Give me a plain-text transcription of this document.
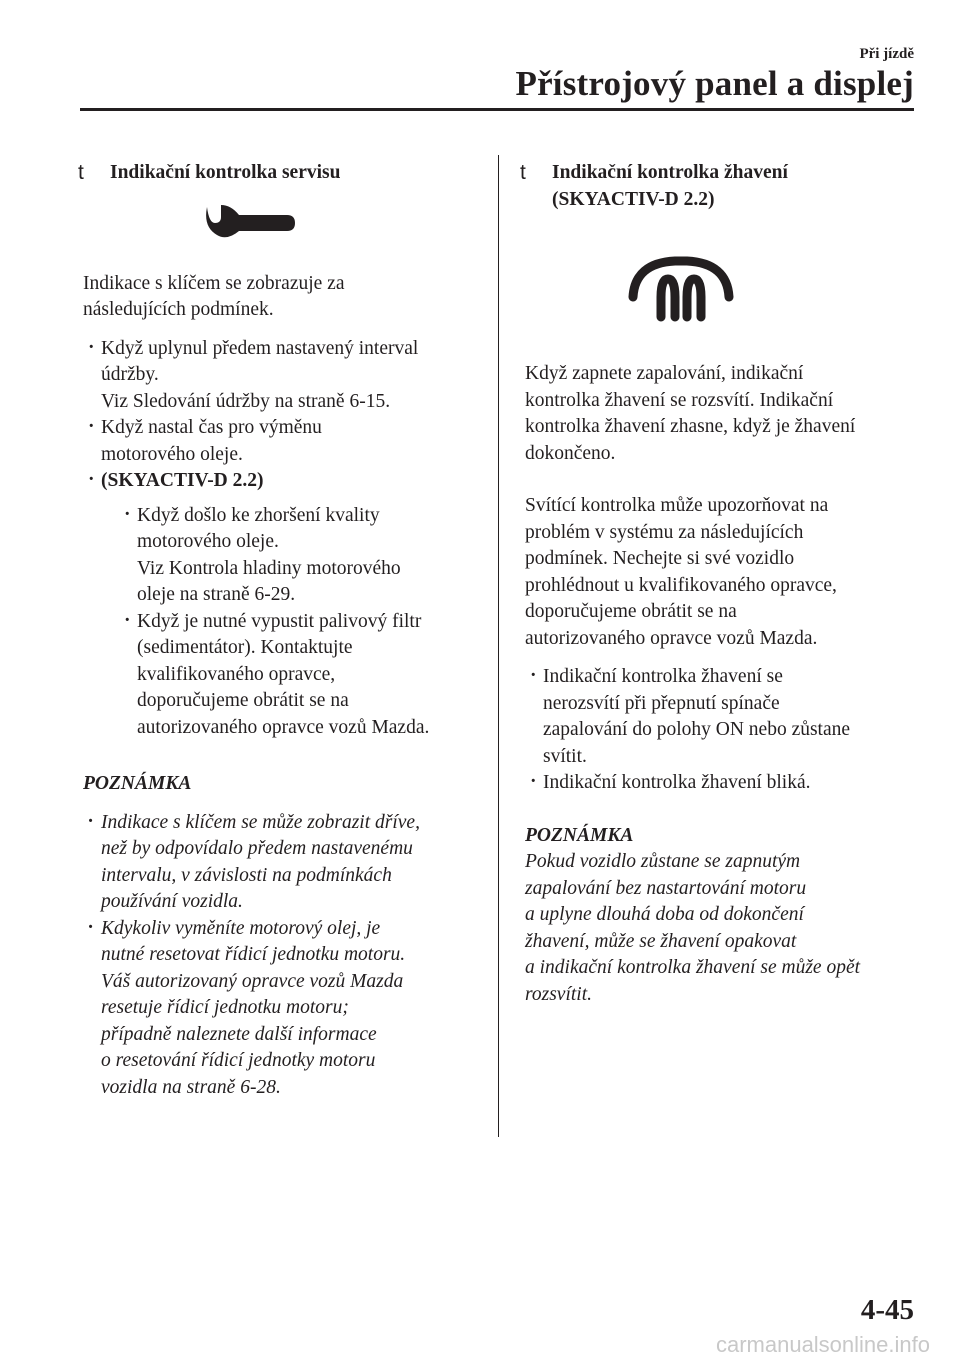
Při jízdě
Přístrojový panel a displej
t Indikační kontrolka servisu

Indikace s klíčem se zobrazuje za
následujících podmínek.

· Když uplynul předem nastavený interval
údržby.
Viz Sledování údržby na straně 6-15.
· Když nastal čas pro výměnu
motorového oleje.
· (SKYACTIV-D 2.2)
· Když došlo ke zhoršení kvality
motorového oleje.
Viz Kontrola hladiny motorového
oleje na straně 6-29.
· Když je nutné vypustit palivový filtr
(sedimentátor). Kontaktujte
kvalifikovaného opravce,
doporučujeme obrátit se na
autorizovaného opravce vozů Mazda.

POZNÁMKA

· Indikace s klíčem se může zobrazit dříve,
než by odpovídalo předem nastavenému
intervalu, v závislosti na podmínkách
používání vozidla.
· Kdykoliv vyměníte motorový olej, je
nutné resetovat řídicí jednotku motoru.
Váš autorizovaný opravce vozů Mazda
resetuje řídicí jednotku motoru;
případně naleznete další informace
o resetování řídicí jednotky motoru
vozidla na straně 6-28.
t Indikační kontrolka žhavení
(SKYACTIV-D 2.2)

Když zapnete zapalování, indikační
kontrolka žhavení se rozsvítí. Indikační
kontrolka žhavení zhasne, když je žhavení
dokončeno.

Svítící kontrolka může upozorňovat na
problém v systému za následujících
podmínek. Nechejte si své vozidlo
prohlédnout u kvalifikovaného opravce,
doporučujeme obrátit se na
autorizovaného opravce vozů Mazda.

· Indikační kontrolka žhavení se
nerozsvítí při přepnutí spínače
zapalování do polohy ON nebo zůstane
svítit.
· Indikační kontrolka žhavení bliká.

POZNÁMKA

Pokud vozidlo zůstane se zapnutým
zapalování bez nastartování motoru
a uplyne dlouhá doba od dokončení
žhavení, může se žhavení opakovat
a indikační kontrolka žhavení se může opět
rozsvítit.

4-45
carmanualsonline.info
